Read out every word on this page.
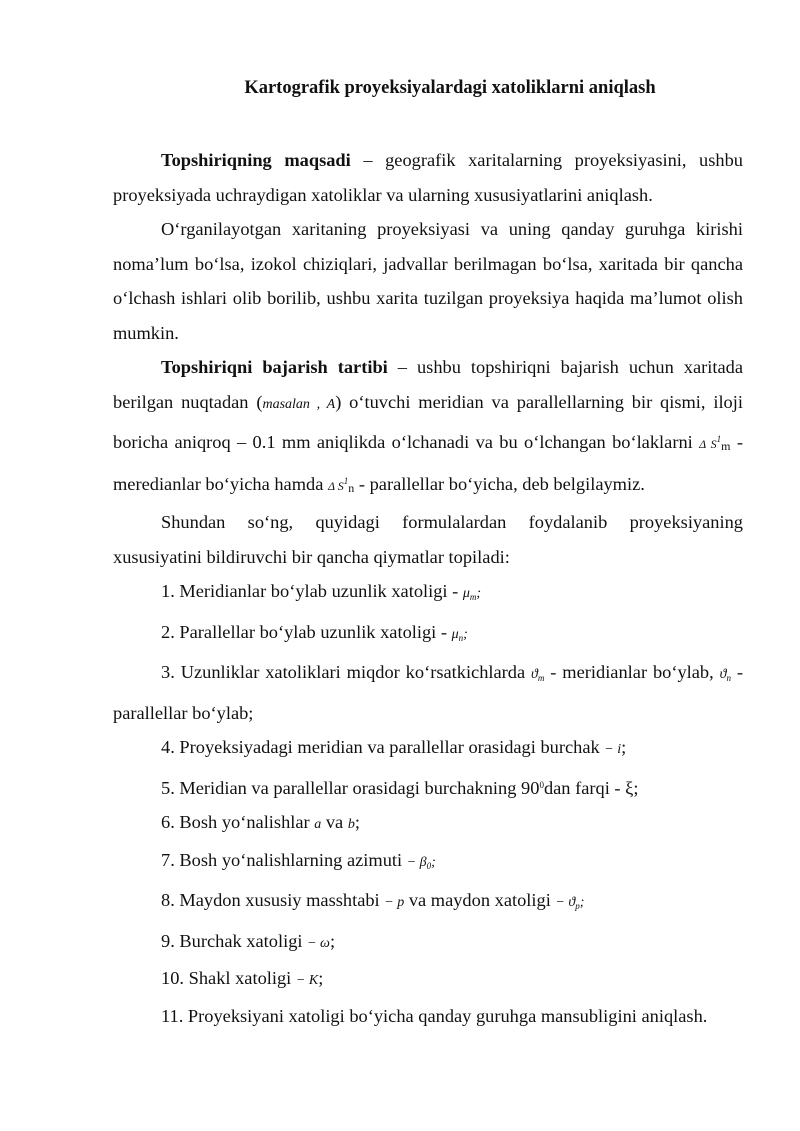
Kartografik proyeksiyalardagi xatoliklarni aniqlash

Topshiriqning maqsadi – geografik xaritalarning proyeksiyasini, ushbu proyeksiyada uchraydigan xatoliklar va ularning xususiyatlarini aniqlash.

O‘rganilayotgan xaritaning proyeksiyasi va uning qanday guruhga kirishi noma’lum bo‘lsa, izokol chiziqlari, jadvallar berilmagan bo‘lsa, xaritada bir qancha o‘lchash ishlari olib borilib, ushbu xarita tuzilgan proyeksiya haqida ma’lumot olish mumkin.

Topshiriqni bajarish tartibi – ushbu topshiriqni bajarish uchun xaritada berilgan nuqtadan (masalan , A) o‘tuvchi meridian va parallellarning bir qismi, iloji boricha aniqroq – 0.1 mm aniqlikda o‘lchanadi va bu o‘lchangan bo‘laklarni Δ $S^1m$ - meredianlar bo‘yicha hamda Δ $S^1n$ - parallellar bo‘yicha, deb belgilaymiz.

Shundan so‘ng, quyidagi formulalardan foydalanib proyeksiyaning xususiyatini bildiruvchi bir qancha qiymatlar topiladi:

1. Meridianlar bo‘ylab uzunlik xatoligi - $\mu_m$;

2. Parallellar bo‘ylab uzunlik xatoligi - $\mu_n$;

3. Uzunliklar xatoliklari miqdor ko‘rsatkichlarda $ϑ_m$ - meridianlar bo‘ylab, $ϑ_n$ - parallellar bo‘ylab;

4. Proyeksiyadagi meridian va parallellar orasidagi burchak − i;

5. Meridian va parallellar orasidagi burchakning $90^0dan$ farqi - ξ;

6. Bosh yo‘nalishlar a va b;

7. Bosh yo‘nalishlarning azimuti − $\beta_0$;

8. Maydon xususiy masshtabi − p va maydon xatoligi − $ϑ_p$;

9. Burchak xatoligi − ω;

10. Shakl xatoligi − K;

11. Proyeksiyani xatoligi bo‘yicha qanday guruhga mansubligini aniqlash.
